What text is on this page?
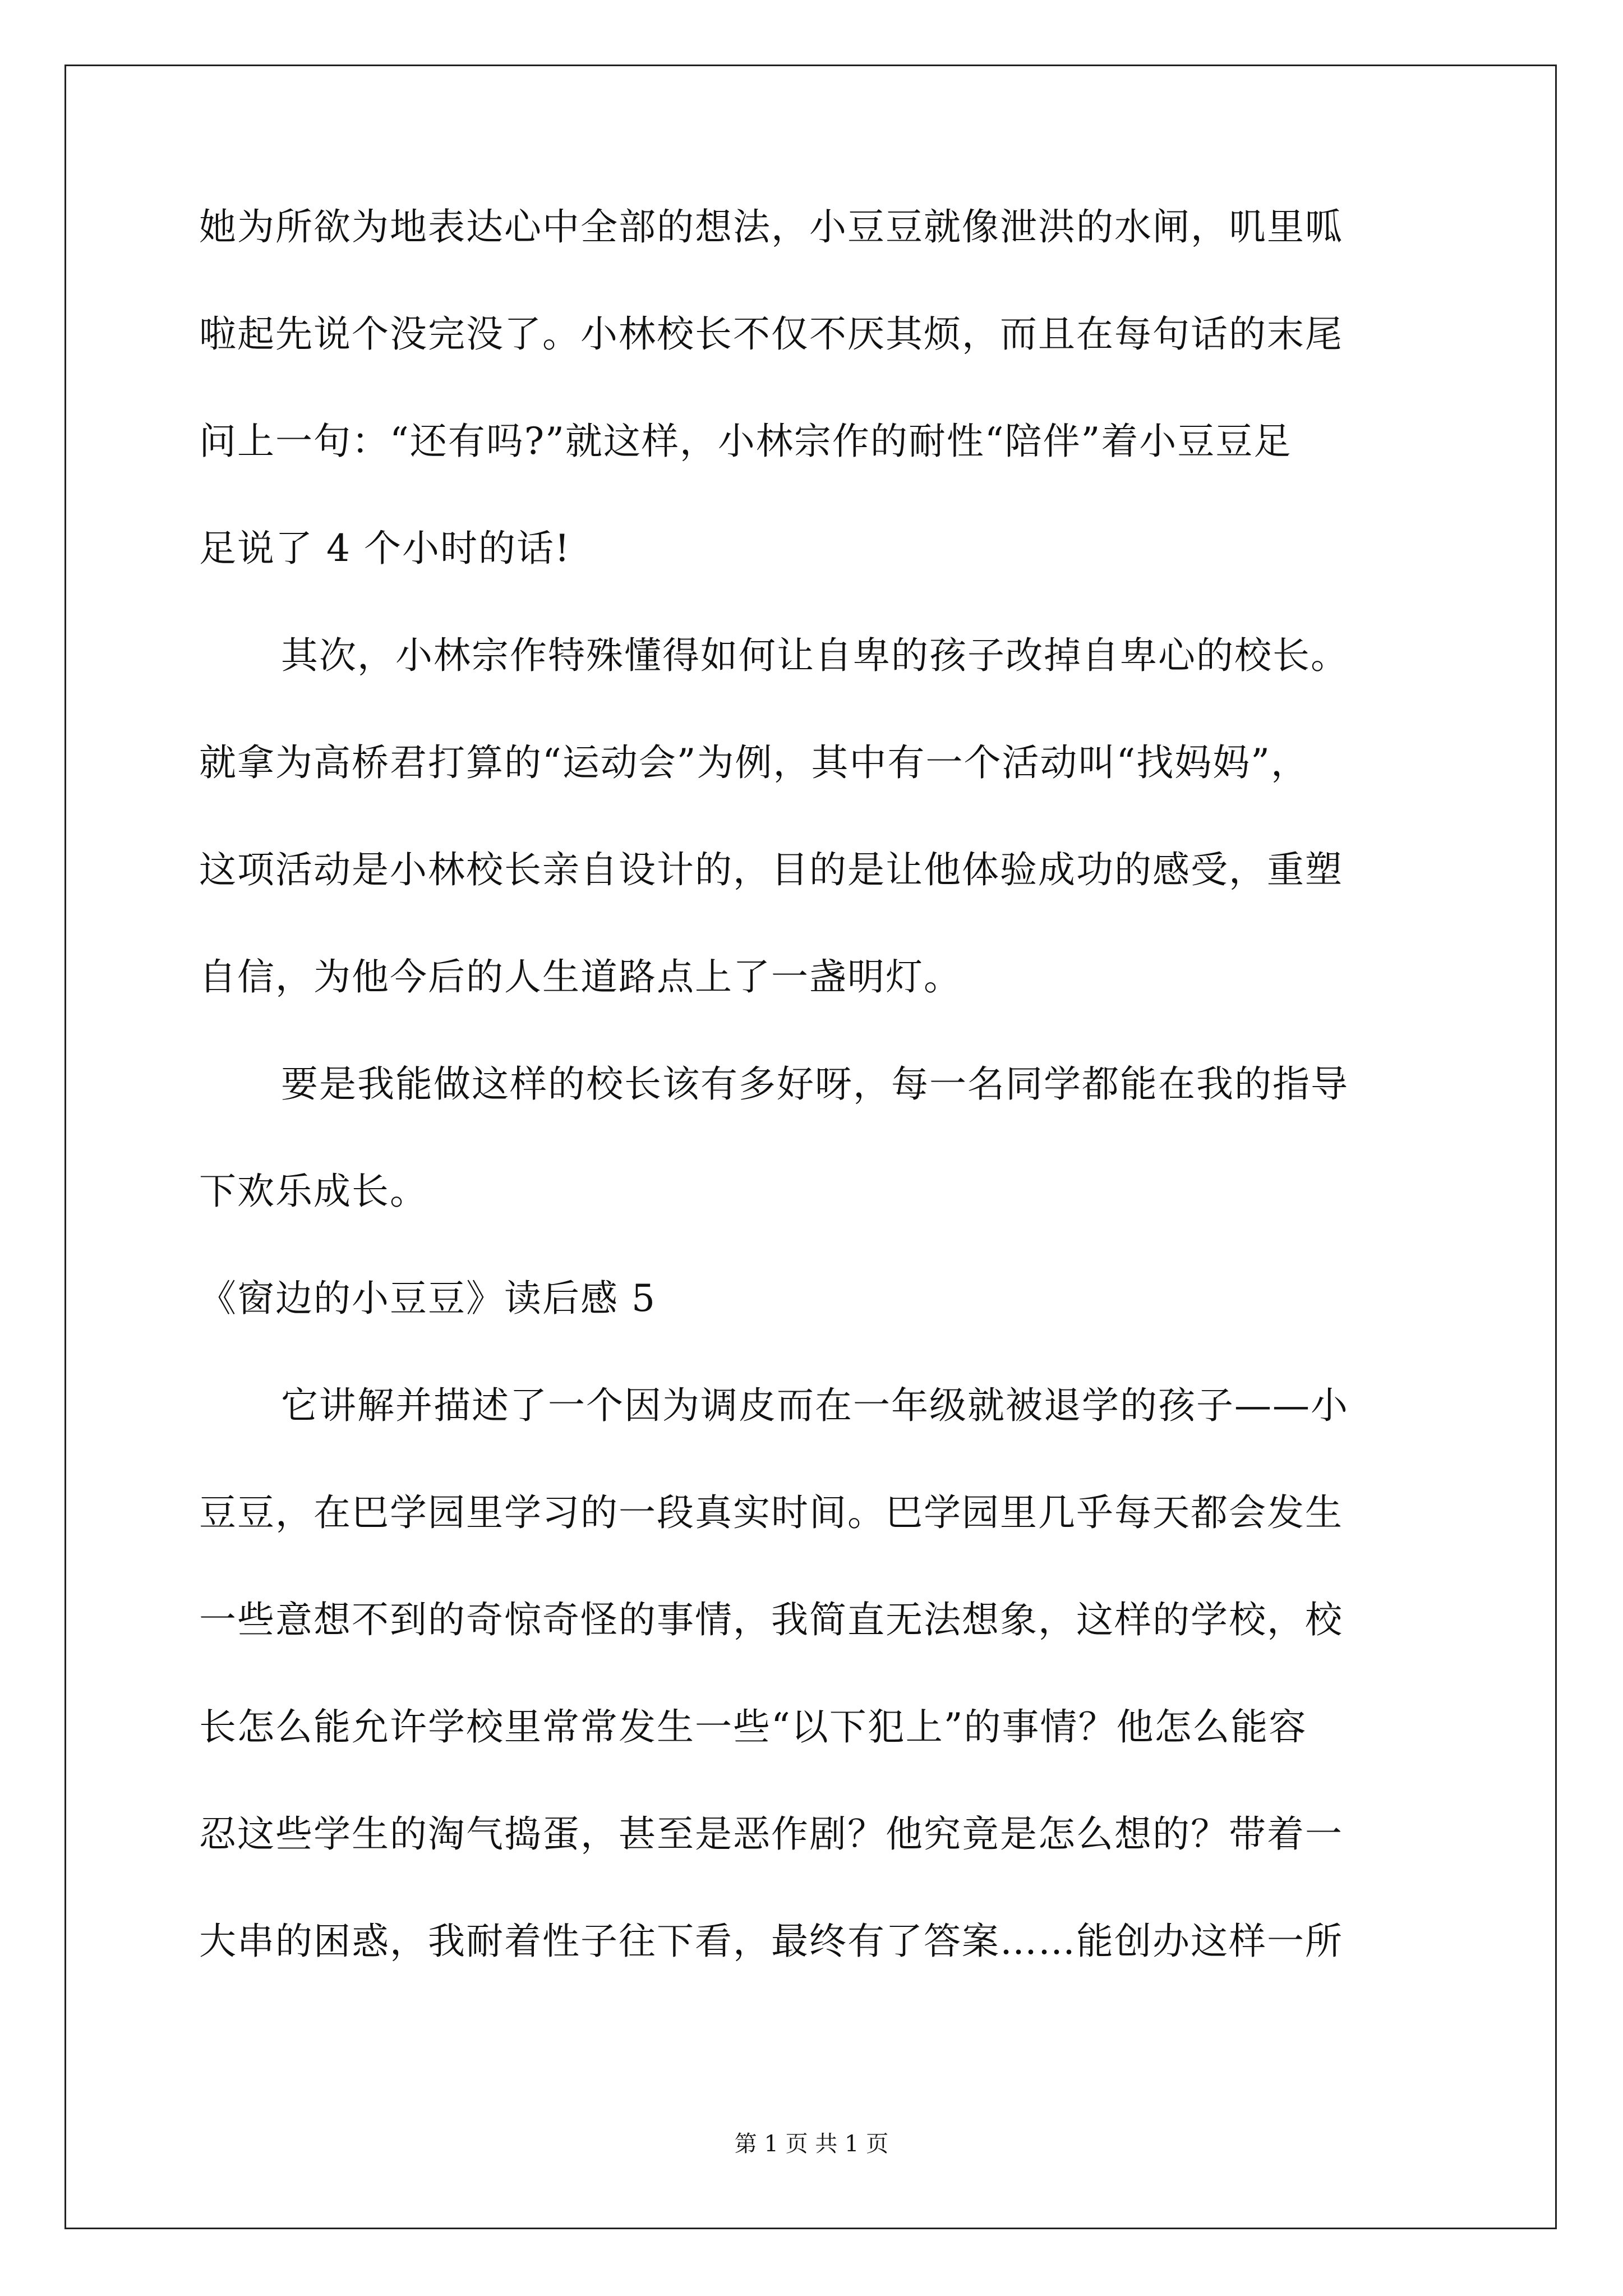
她为所欲为地表达心中全部的想法，小豆豆就像泄洪的水闸，叽里呱
啦起先说个没完没了。小林校长不仅不厌其烦，而且在每句话的末尾
问上一句：“还有吗?”就这样，小林宗作的耐性“陪伴”着小豆豆足
足说了 4 个小时的话!
其次，小林宗作特殊懂得如何让自卑的孩子改掉自卑心的校长。
就拿为高桥君打算的“运动会”为例，其中有一个活动叫“找妈妈”，
这项活动是小林校长亲自设计的，目的是让他体验成功的感受，重塑
自信，为他今后的人生道路点上了一盏明灯。
要是我能做这样的校长该有多好呀，每一名同学都能在我的指导
下欢乐成长。
《窗边的小豆豆》读后感 5
它讲解并描述了一个因为调皮而在一年级就被退学的孩子——小
豆豆，在巴学园里学习的一段真实时间。巴学园里几乎每天都会发生
一些意想不到的奇惊奇怪的事情，我简直无法想象，这样的学校，校
长怎么能允许学校里常常发生一些“以下犯上”的事情？他怎么能容
忍这些学生的淘气捣蛋，甚至是恶作剧？他究竟是怎么想的？带着一
大串的困惑，我耐着性子往下看，最终有了答案……能创办这样一所
第 1 页 共 1 页
